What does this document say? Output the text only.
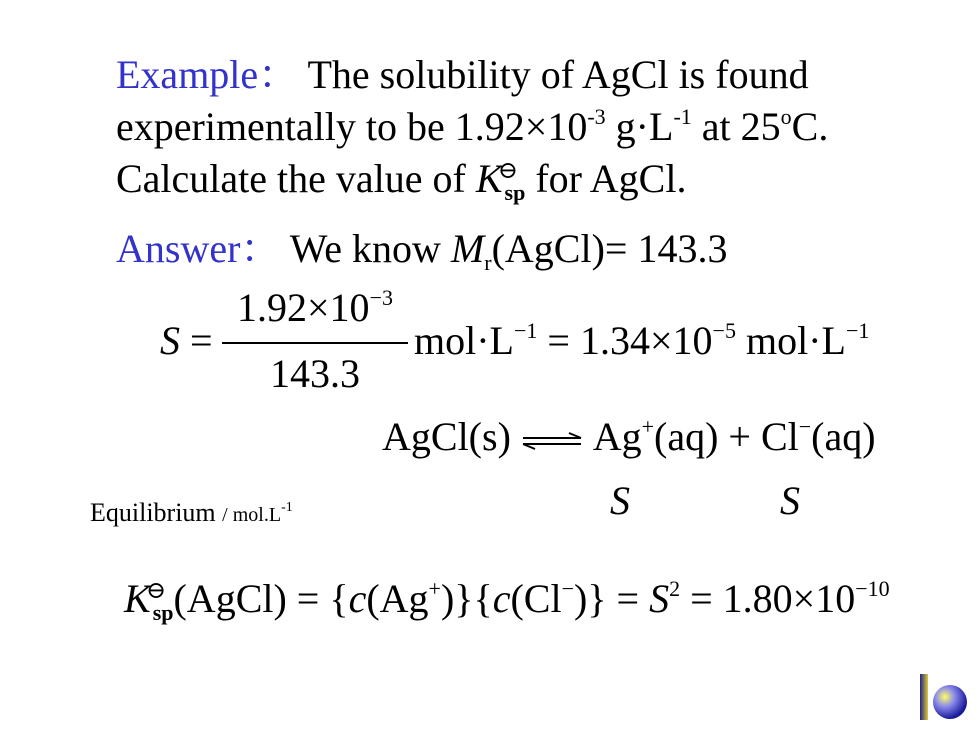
Example： The solubility of AgCl is found
experimentally to be $1.92\times 10^{-3}$ $g\cdot L^{-1}$ at 25$^o$C.
Calculate the value of K
⊖
$_{sp}$ for AgCl.
Answer： We know $M_r(AgCl)= 143.3$
S =
$1.92\times 10^{-3}$
143.3
$mol\cdot L^{-1} = 1.34\times 10^{-5}$ $mol\cdot L^{-1}$
AgCl(s) ⇌ Ag+(aq) + Cl−(aq)
Equilibrium / $mol.L^{-1}$	S	S
K
⊖
$_{sp}$(AgCl) = $\{c(Ag^+)\}\{c(Cl^-)\} = S^2 = 1.80\times 10^{-10}$
